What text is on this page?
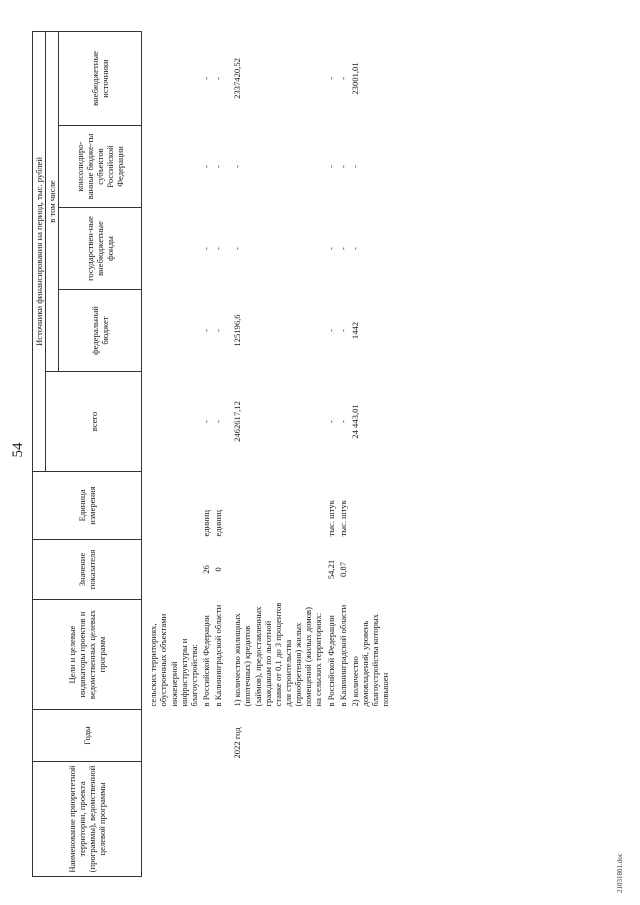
54
Наименование приоритетной территории, проекта (программы), ведомственной целевой программы	Годы	Цели и целевые индикаторы проектов и ведомственных целевых программ	Значение показателя	Единица измерения	Источники финансирования на период, тыс. рублей				
					всего	в том числе			
						федеральный бюджет	государствен-ные внебюджетные фонды	консолидиро-ванные бюдже-ты субъектов Российской Федерации	внебюджетные источники
		сельских территориях, обустроенных объектами инженерной инфраструктуры и благоустройства:							
		в Российской Федерации	26	единиц	-	-	-	-	-
		в Калининградской области	0	единиц	-	-	-	-	-
	2022 год	1) количество жилищных (ипотечных) кредитов (займов), предоставленных гражданам по льготной ставке от 0,1 до 3 процентов для строительства (приобретения) жилых помещений (жилых домов) на сельских территориях:			2462617,12	125196,6	-	-	2337420,52
		в Российской Федерации	54,21	тыс. штук	-	-	-	-	-
		в Калининградской области	0,87	тыс. штук	-	-	-	-	-
		2) количество домовладений, уровень благоустройства которых повышен			24 443,01	1442	-	-	23001,01
21031801.doc
